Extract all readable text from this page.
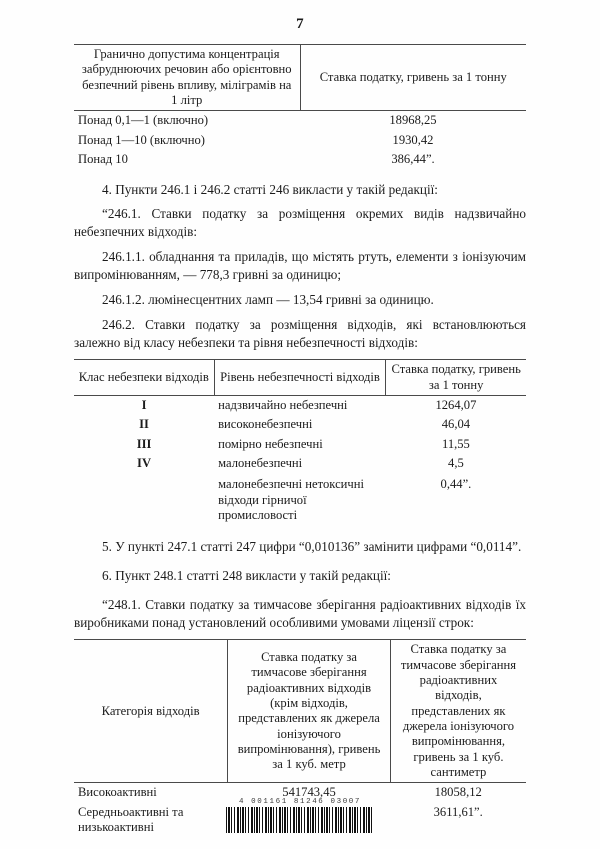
7
Гранично допустима концентрація забруднюючих речовин або орієнтовно безпечний рівень впливу, міліграмів на 1 літр	Ставка податку, гривень за 1 тонну
Понад 0,1—1 (включно)	18968,25
Понад 1—10 (включно)	1930,42
Понад 10	386,44”.

4. Пункти 246.1 і 246.2 статті 246 викласти у такій редакції:

“246.1. Ставки податку за розміщення окремих видів надзвичайно небезпечних відходів:

246.1.1. обладнання та приладів, що містять ртуть, елементи з іонізуючим випромінюванням, — 778,3 гривні за одиницю;

246.1.2. люмінесцентних ламп — 13,54 гривні за одиницю.

246.2. Ставки податку за розміщення відходів, які встановлюються залежно від класу небезпеки та рівня небезпечності відходів:

Клас небезпеки відходів	Рівень небезпечності відходів	Ставка податку, гривень за 1 тонну
І	надзвичайно небезпечні	1264,07
ІІ	високонебезпечні	46,04
ІІІ	помірно небезпечні	11,55
ІV	малонебезпечні	4,5
	малонебезпечні нетоксичні відходи гірничої промисловості	0,44”.

5. У пункті 247.1 статті 247 цифри “0,010136” замінити цифрами “0,0114”.

6. Пункт 248.1 статті 248 викласти у такій редакції:

“248.1. Ставки податку за тимчасове зберігання радіоактивних відходів їх виробниками понад установлений особливими умовами ліцензії строк:

Категорія відходів	Ставка податку за тимчасове зберігання радіоактивних відходів (крім відходів, представлених як джерела іонізуючого випромінювання), гривень за 1 куб. метр	Ставка податку за тимчасове зберігання радіоактивних відходів, представлених як джерела іонізуючого випромінювання, гривень за 1 куб. сантиметр
Високоактивні	541743,45	18058,12
Середньоактивні та низькоактивні		3611,61”.
4 001161 81246 03007
